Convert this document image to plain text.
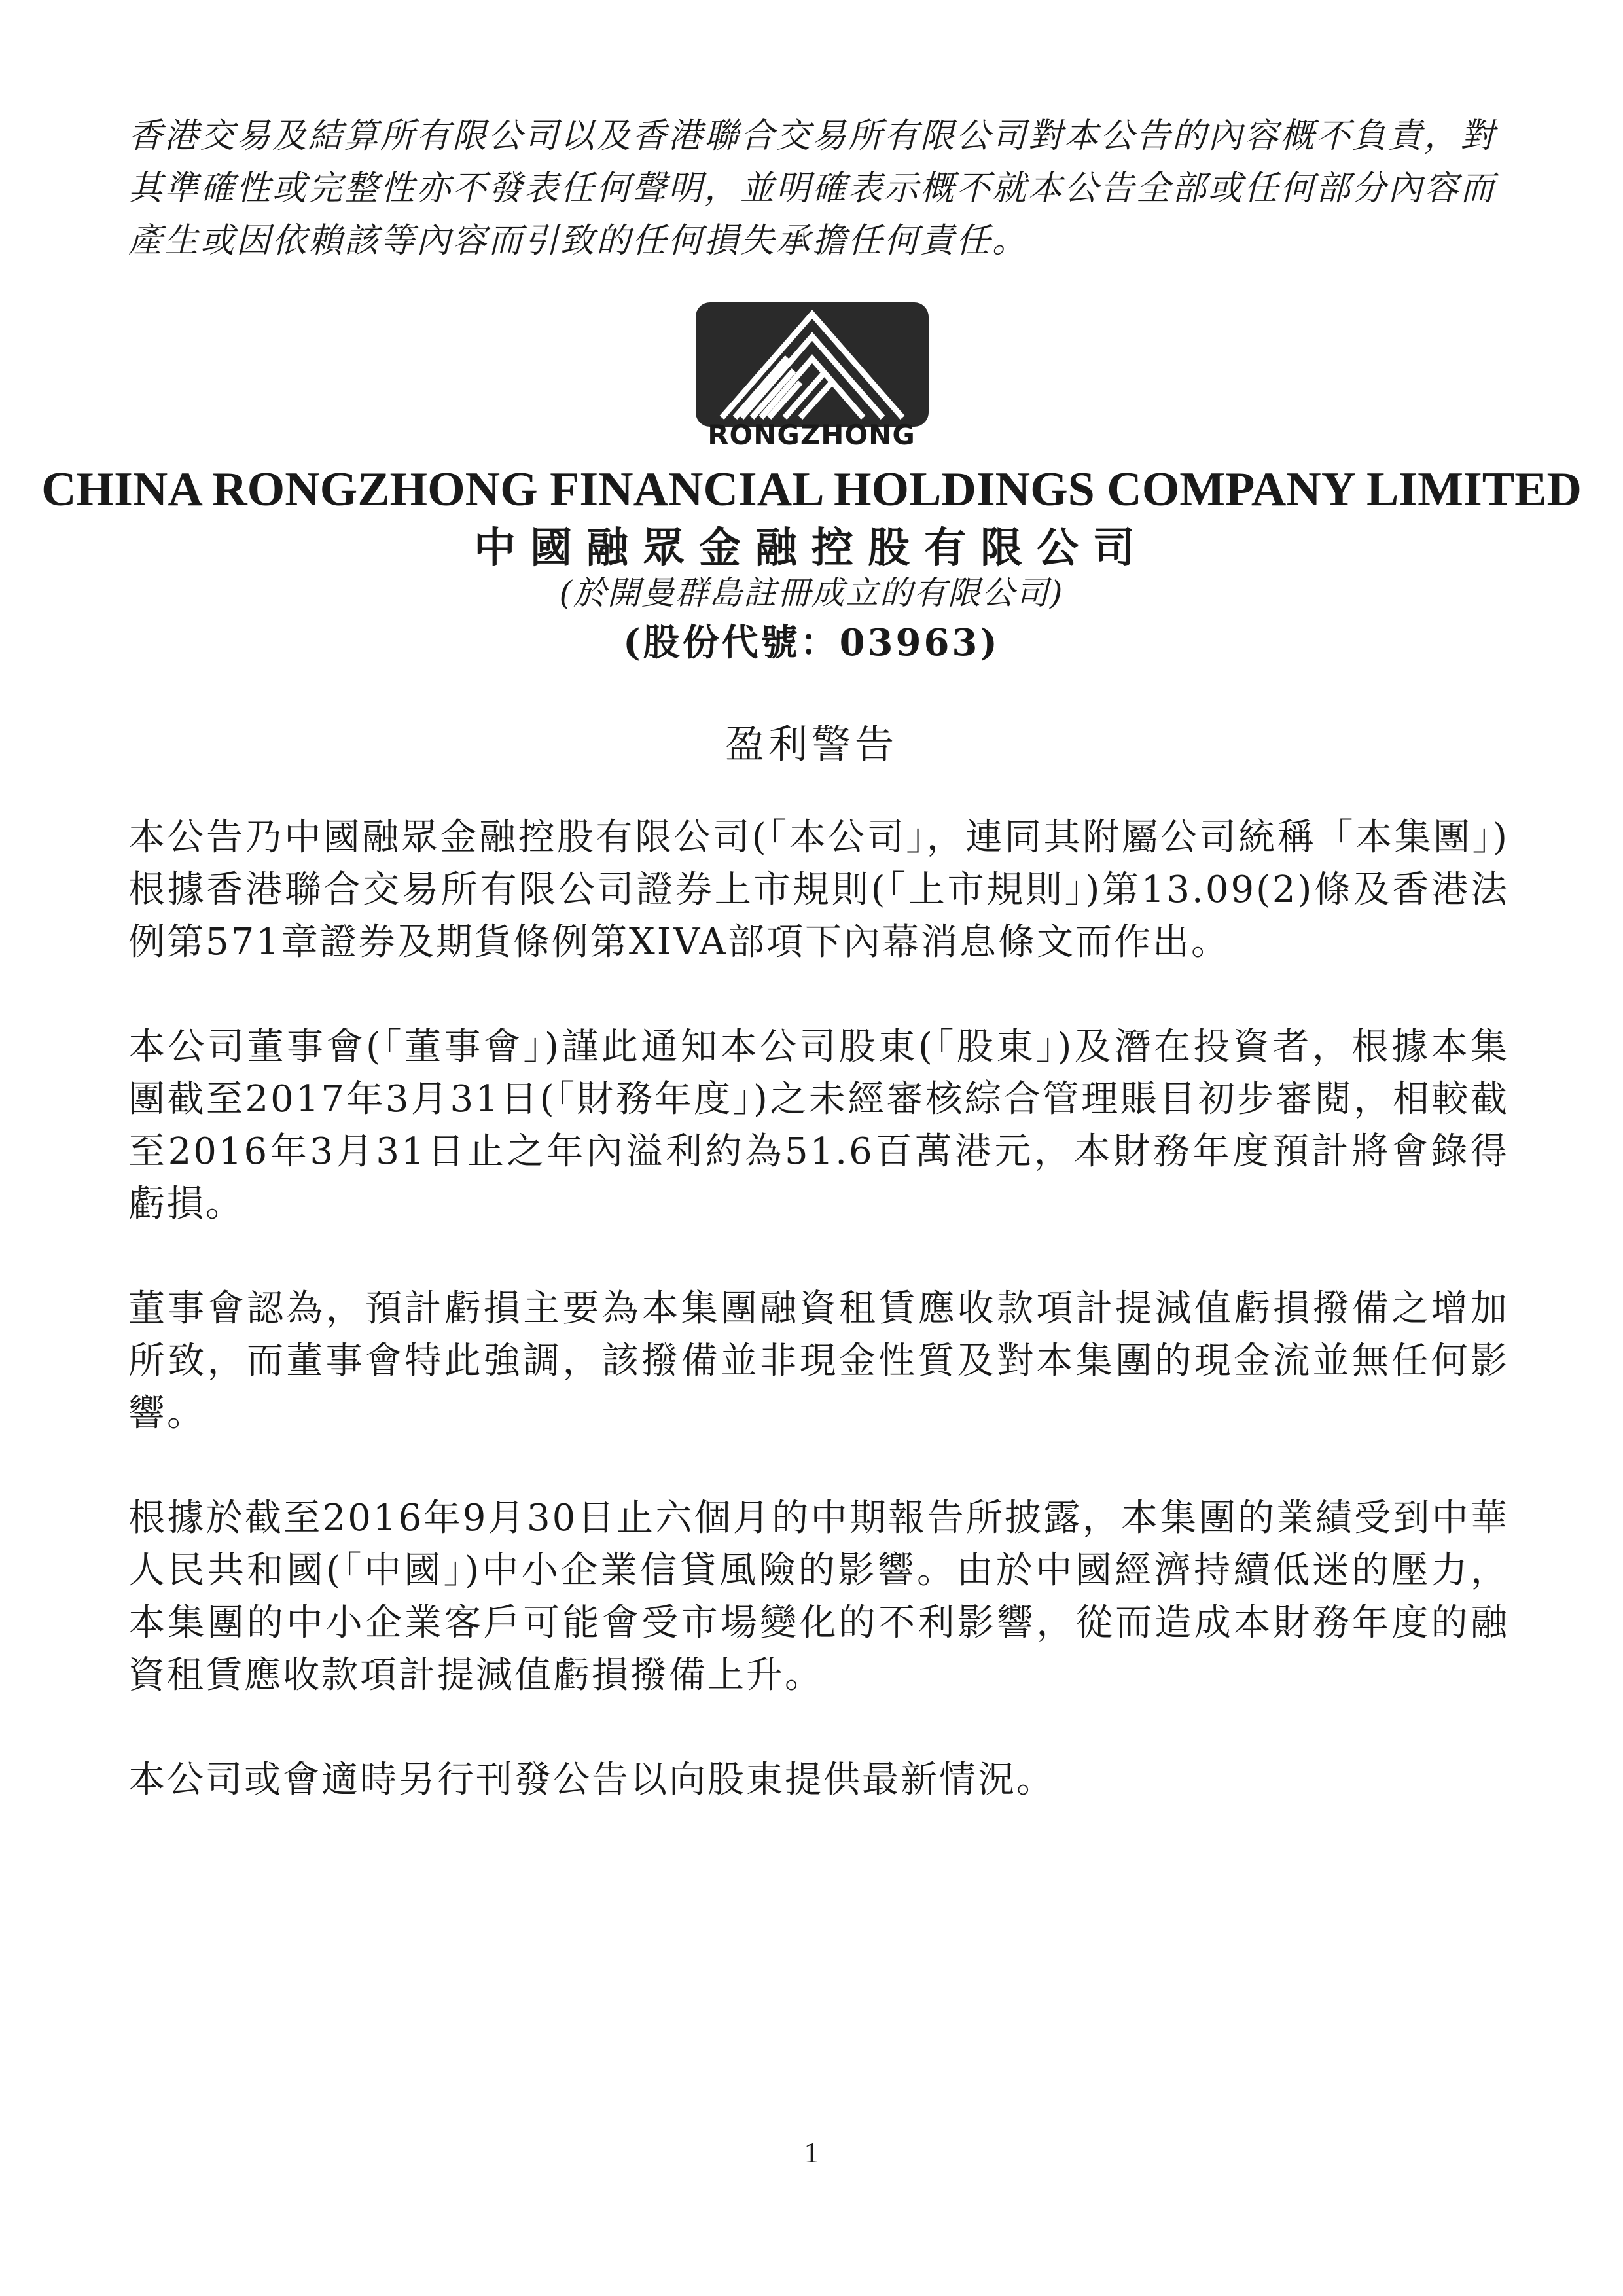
香港交易及結算所有限公司以及香港聯合交易所有限公司對本公告的內容概不負責，對其準確性或完整性亦不發表任何聲明，並明確表示概不就本公告全部或任何部分內容而產生或因依賴該等內容而引致的任何損失承擔任何責任。
RONGZHONG
CHINA RONGZHONG FINANCIAL HOLDINGS COMPANY LIMITED
中國融眾金融控股有限公司
(於開曼群島註冊成立的有限公司)
(股份代號：03963)
盈利警告

本公告乃中國融眾金融控股有限公司(「本公司」，連同其附屬公司統稱「本集團」)根據香港聯合交易所有限公司證券上市規則(「上市規則」)第13.09(2)條及香港法例第571章證券及期貨條例第XIVA部項下內幕消息條文而作出。

本公司董事會(「董事會」)謹此通知本公司股東(「股東」)及潛在投資者，根據本集團截至2017年3月31日(「財務年度」)之未經審核綜合管理賬目初步審閱，相較截至2016年3月31日止之年內溢利約為51.6百萬港元，本財務年度預計將會錄得虧損。

董事會認為，預計虧損主要為本集團融資租賃應收款項計提減值虧損撥備之增加所致，而董事會特此強調，該撥備並非現金性質及對本集團的現金流並無任何影響。

根據於截至2016年9月30日止六個月的中期報告所披露，本集團的業績受到中華人民共和國(「中國」)中小企業信貸風險的影響。由於中國經濟持續低迷的壓力，本集團的中小企業客戶可能會受市場變化的不利影響，從而造成本財務年度的融資租賃應收款項計提減值虧損撥備上升。

本公司或會適時另行刊發公告以向股東提供最新情況。

1
